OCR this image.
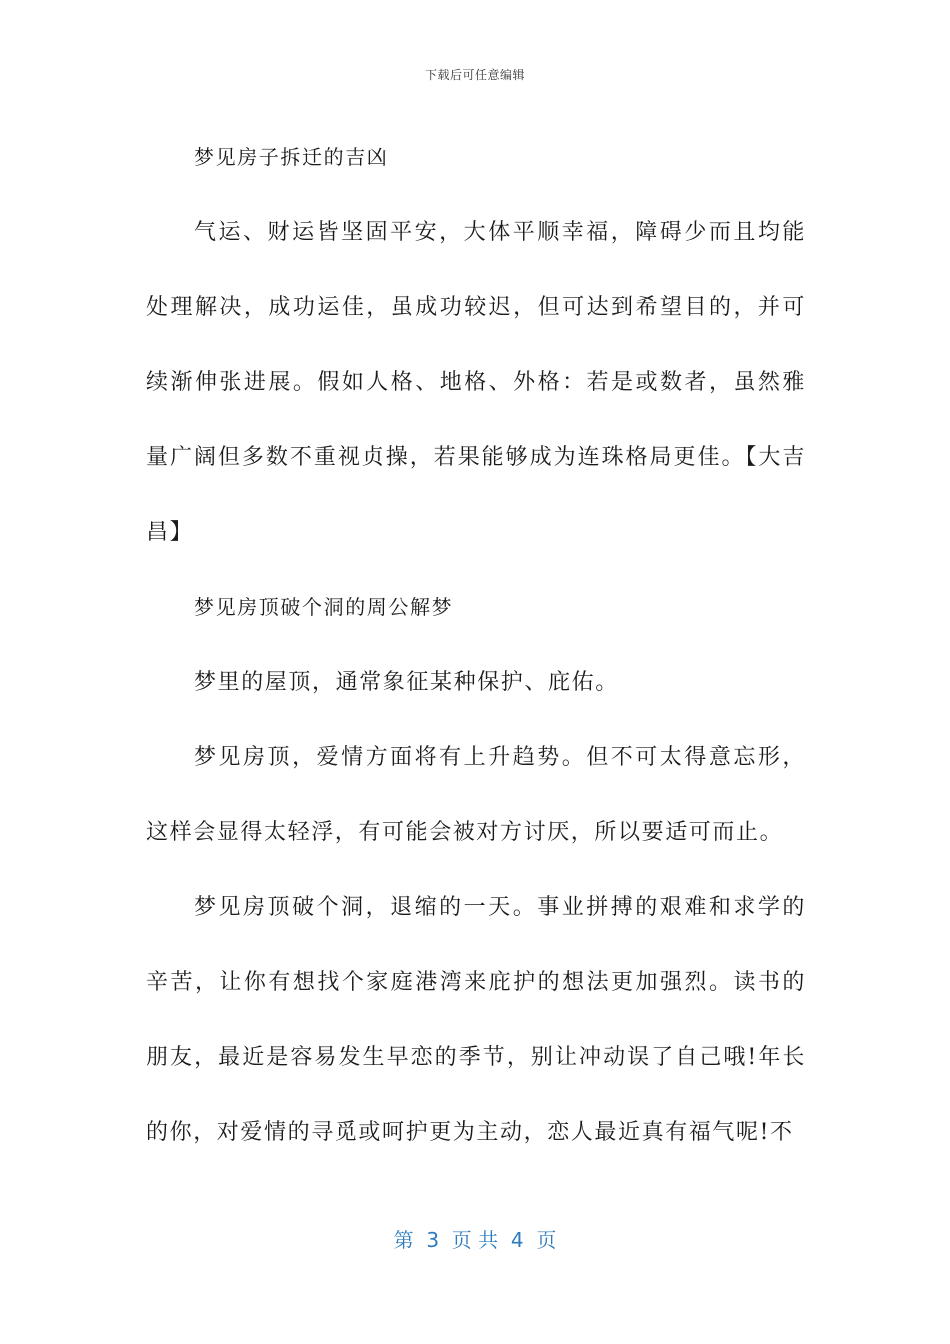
下载后可任意编辑

梦见房子拆迁的吉凶

气运、财运皆坚固平安，大体平顺幸福，障碍少而且均能处理解决，成功运佳，虽成功较迟，但可达到希望目的，并可续渐伸张进展。假如人格、地格、外格：若是或数者，虽然雅量广阔但多数不重视贞操，若果能够成为连珠格局更佳。【大吉昌】

梦见房顶破个洞的周公解梦

梦里的屋顶，通常象征某种保护、庇佑。

梦见房顶，爱情方面将有上升趋势。但不可太得意忘形，这样会显得太轻浮，有可能会被对方讨厌，所以要适可而止。

梦见房顶破个洞，退缩的一天。事业拼搏的艰难和求学的辛苦，让你有想找个家庭港湾来庇护的想法更加强烈。读书的朋友，最近是容易发生早恋的季节，别让冲动误了自己哦!年长的你，对爱情的寻觅或呵护更为主动，恋人最近真有福气呢!不

第  3  页 共  4  页
